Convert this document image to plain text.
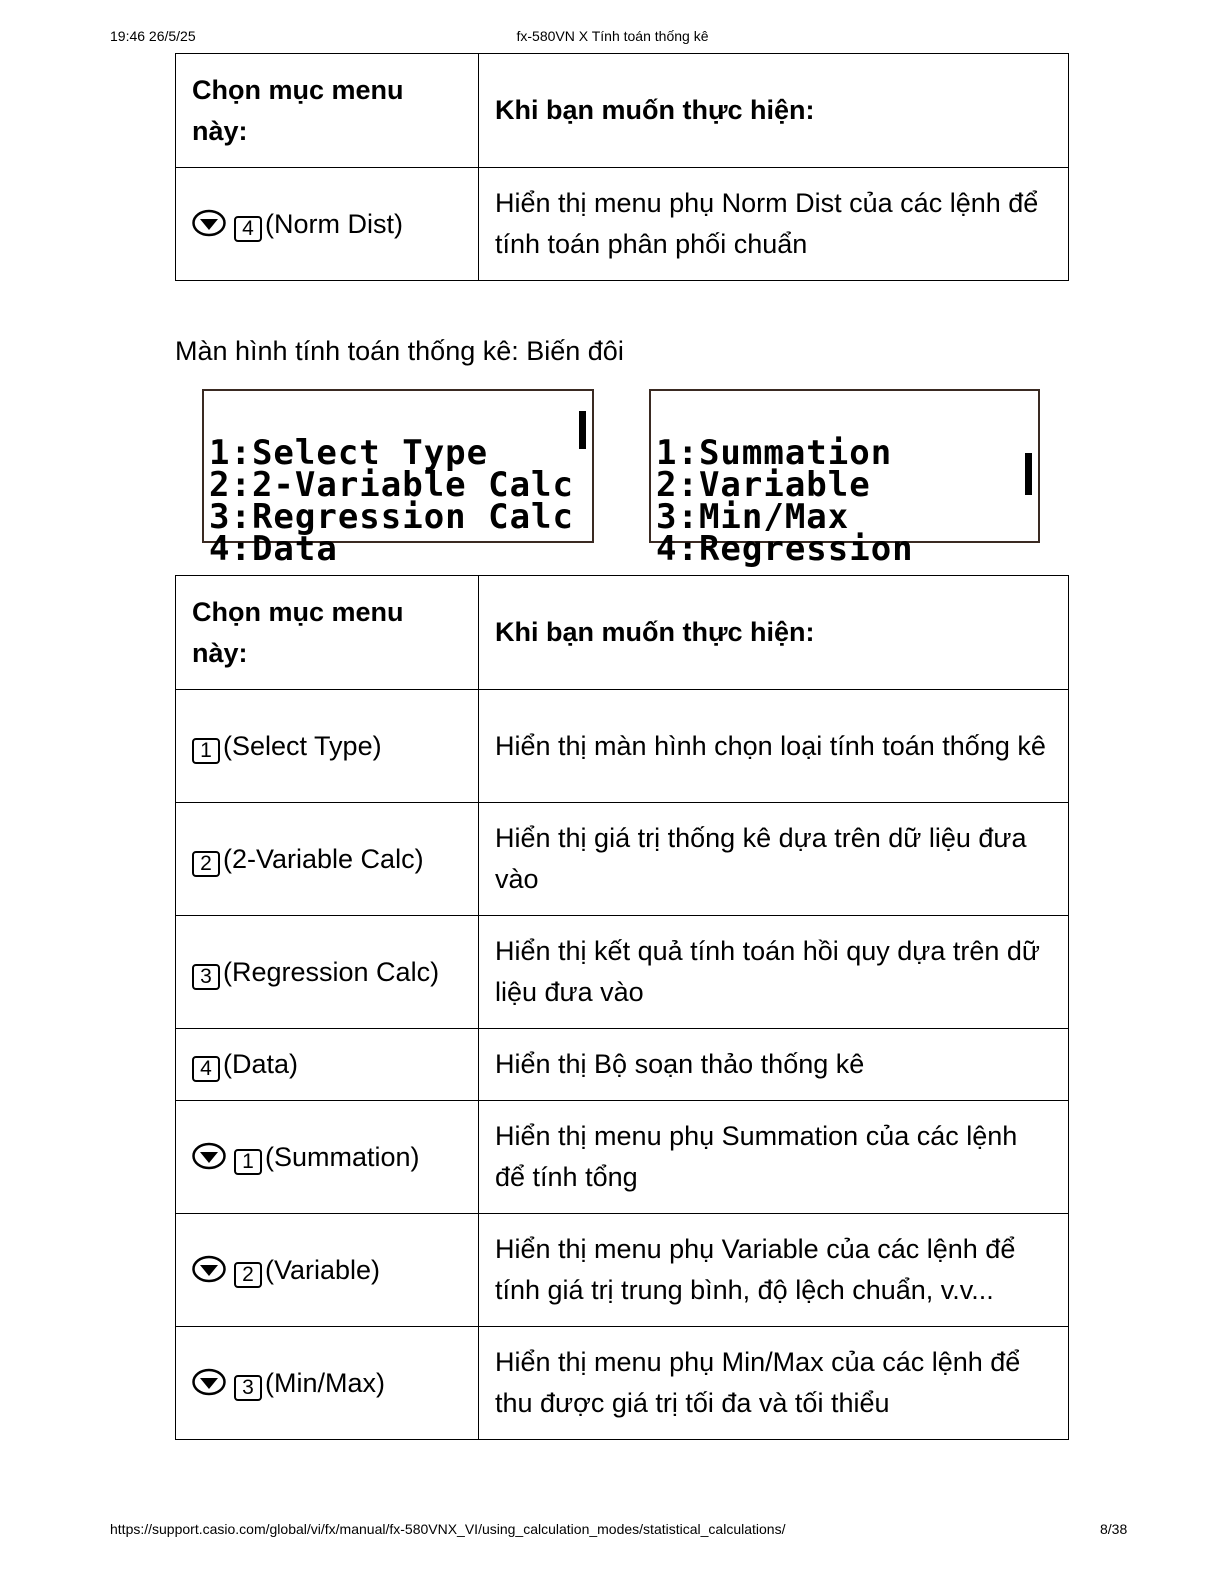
19:46 26/5/25	fx-580VN X Tính toán thống kê
Chọn mục menu này:	Khi bạn muốn thực hiện:
4 (Norm Dist)	Hiển thị menu phụ Norm Dist của các lệnh để tính toán phân phối chuẩn
Màn hình tính toán thống kê: Biến đôi

1:Select Type
2:2-Variable Calc
3:Regression Calc
4:Data

1:Summation
2:Variable
3:Min/Max
4:Regression

Chọn mục menu này:	Khi bạn muốn thực hiện:
1 (Select Type)	Hiển thị màn hình chọn loại tính toán thống kê
2 (2-Variable Calc)	Hiển thị giá trị thống kê dựa trên dữ liệu đưa vào
3 (Regression Calc)	Hiển thị kết quả tính toán hồi quy dựa trên dữ liệu đưa vào
4 (Data)	Hiển thị Bộ soạn thảo thống kê
1 (Summation)	Hiển thị menu phụ Summation của các lệnh để tính tổng
2 (Variable)	Hiển thị menu phụ Variable của các lệnh để tính giá trị trung bình, độ lệch chuẩn, v.v...
3 (Min/Max)	Hiển thị menu phụ Min/Max của các lệnh để thu được giá trị tối đa và tối thiểu
https://support.casio.com/global/vi/fx/manual/fx-580VNX_VI/using_calculation_modes/statistical_calculations/	8/38
